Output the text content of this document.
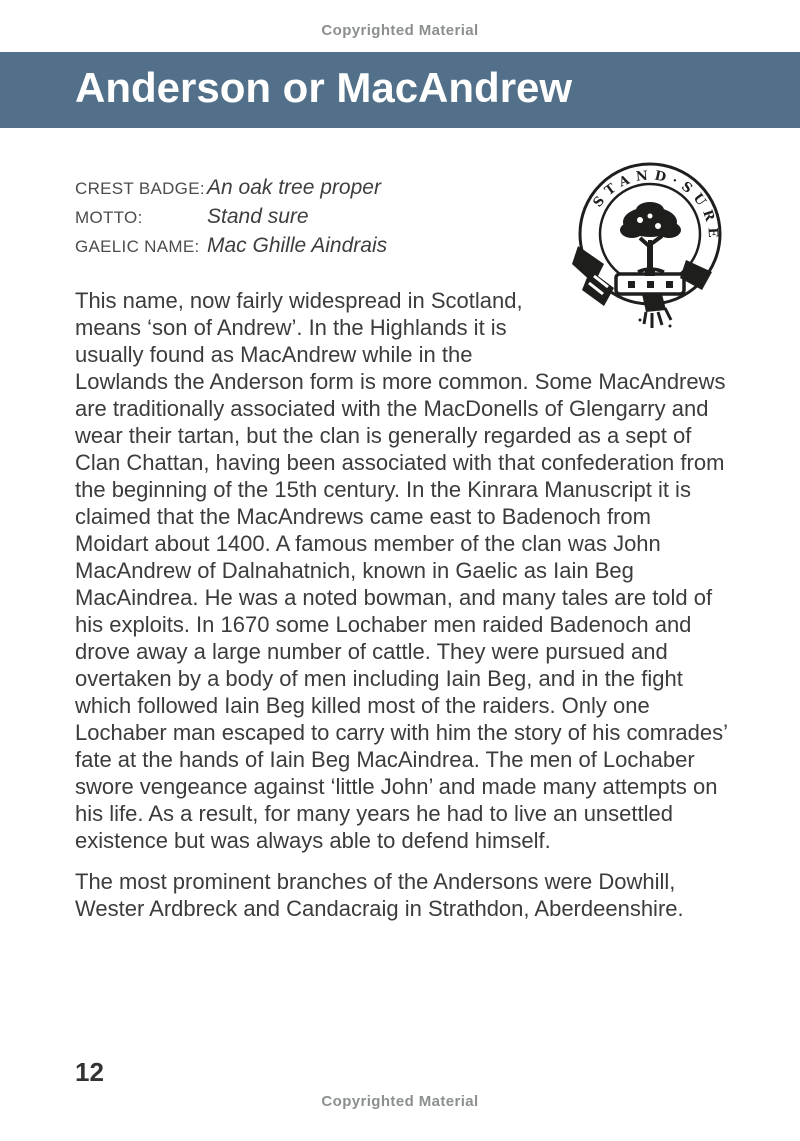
Copyrighted Material
Anderson or MacAndrew
STAND·SURE
CREST BADGE: An oak tree proper
MOTTO:	Stand sure
GAELIC NAME: Mac Ghille Aindrais

This name, now fairly widespread in Scotland, means ‘son of Andrew’. In the Highlands it is usually found as MacAndrew while in the Lowlands the Anderson form is more common. Some MacAndrews are traditionally associated with the MacDonells of Glengarry and wear their tartan, but the clan is generally regarded as a sept of Clan Chattan, having been associated with that confederation from the beginning of the 15th century. In the Kinrara Manuscript it is claimed that the MacAndrews came east to Badenoch from Moidart about 1400. A famous member of the clan was John MacAndrew of Dalnahatnich, known in Gaelic as Iain Beg MacAindrea. He was a noted bowman, and many tales are told of his exploits. In 1670 some Lochaber men raided Badenoch and drove away a large number of cattle. They were pursued and overtaken by a body of men including Iain Beg, and in the fight which followed Iain Beg killed most of the raiders. Only one Lochaber man escaped to carry with him the story of his comrades’ fate at the hands of Iain Beg MacAindrea. The men of Lochaber swore vengeance against ‘little John’ and made many attempts on his life. As a result, for many years he had to live an unsettled existence but was always able to defend himself.

The most prominent branches of the Andersons were Dowhill, Wester Ardbreck and Candacraig in Strathdon, Aberdeenshire.

12
Copyrighted Material
